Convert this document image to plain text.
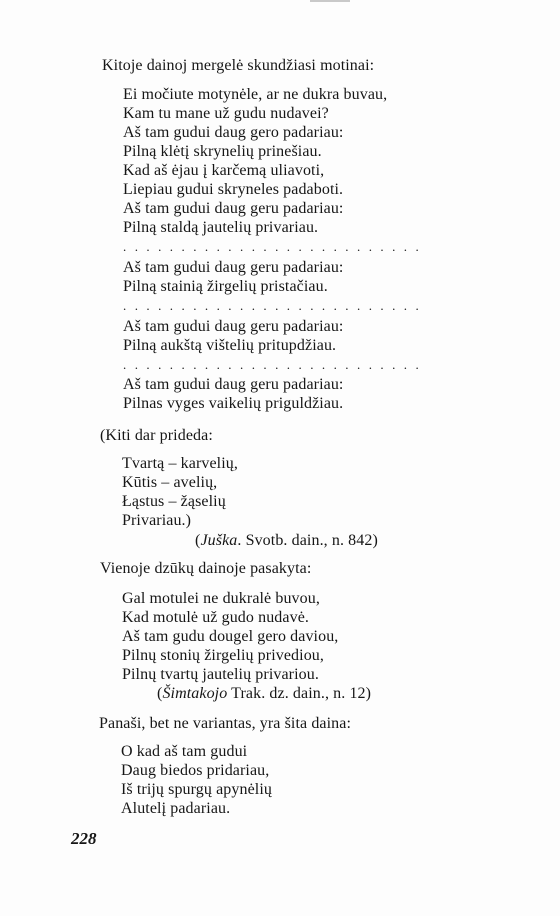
Kitoje dainoj mergelė skundžiasi motinai:
Ei močiute motynėle, ar ne dukra buvau,
Kam tu mane už gudu nudavei?
Aš tam gudui daug gero padariau:
Pilną klėtį skrynelių prinešiau.
Kad aš ėjau į karčemą uliavoti,
Liepiau gudui skryneles padaboti.
Aš tam gudui daug geru padariau:
Pilną staldą jautelių privariau.
. . . . . . . . . . . . . . . . . . . . . . . . . .
Aš tam gudui daug geru padariau:
Pilną stainią žirgelių pristačiau.
. . . . . . . . . . . . . . . . . . . . . . . . . .
Aš tam gudui daug geru padariau:
Pilną aukštą vištelių pritupdžiau.
. . . . . . . . . . . . . . . . . . . . . . . . . .
Aš tam gudui daug geru padariau:
Pilnas vyges vaikelių priguldžiau.
(Kiti dar prideda:
Tvartą – karvelių,
Kūtis – avelių,
Łąstus – žąselių
Privariau.)
(Juška. Svotb. dain., n. 842)
Vienoje dzūkų dainoje pasakyta:
Gal motulei ne dukralė buvou,
Kad motulė už gudo nudavė.
Aš tam gudu dougel gero daviou,
Pilnų stonių žirgelių privediou,
Pilnų tvartų jautelių privariou.
(Šimtakojo Trak. dz. dain., n. 12)
Panaši, bet ne variantas, yra šita daina:
O kad aš tam gudui
Daug biedos pridariau,
Iš trijų spurgų apynėlių
Alutelį padariau.
228
